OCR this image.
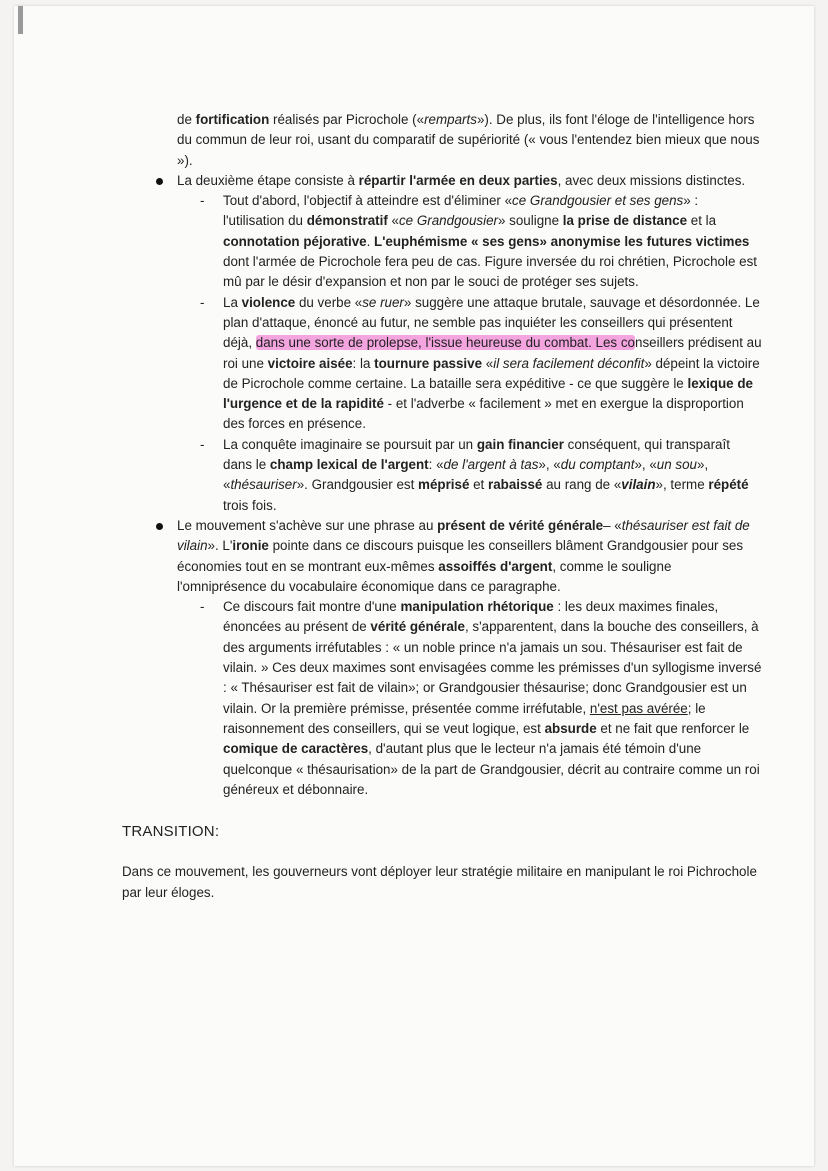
de fortification réalisés par Picrochole («remparts»). De plus, ils font l'éloge de l'intelligence hors du commun de leur roi, usant du comparatif de supériorité (« vous l'entendez bien mieux que nous »).

La deuxième étape consiste à répartir l'armée en deux parties, avec deux missions distinctes.

- Tout d'abord, l'objectif à atteindre est d'éliminer «ce Grandgousier et ses gens» : l'utilisation du démonstratif «ce Grandgousier» souligne la prise de distance et la connotation péjorative. L'euphémisme « ses gens» anonymise les futures victimes dont l'armée de Picrochole fera peu de cas. Figure inversée du roi chrétien, Picrochole est mû par le désir d'expansion et non par le souci de protéger ses sujets.

- La violence du verbe «se ruer» suggère une attaque brutale, sauvage et désordonnée. Le plan d'attaque, énoncé au futur, ne semble pas inquiéter les conseillers qui présentent déjà, dans une sorte de prolepse, l'issue heureuse du combat. Les conseillers prédisent au roi une victoire aisée: la tournure passive «il sera facilement déconfit» dépeint la victoire de Picrochole comme certaine. La bataille sera expéditive - ce que suggère le lexique de l'urgence et de la rapidité - et l'adverbe « facilement » met en exergue la disproportion des forces en présence.

- La conquête imaginaire se poursuit par un gain financier conséquent, qui transparaît dans le champ lexical de l'argent: «de l'argent à tas», «du comptant», «un sou», «thésauriser». Grandgousier est méprisé et rabaissé au rang de «vilain», terme répété trois fois.

Le mouvement s'achève sur une phrase au présent de vérité générale– «thésauriser est fait de vilain». L'ironie pointe dans ce discours puisque les conseillers blâment Grandgousier pour ses économies tout en se montrant eux-mêmes assoiffés d'argent, comme le souligne l'omniprésence du vocabulaire économique dans ce paragraphe.

- Ce discours fait montre d'une manipulation rhétorique : les deux maximes finales, énoncées au présent de vérité générale, s'apparentent, dans la bouche des conseillers, à des arguments irréfutables : « un noble prince n'a jamais un sou. Thésauriser est fait de vilain. » Ces deux maximes sont envisagées comme les prémisses d'un syllogisme inversé : « Thésauriser est fait de vilain»; or Grandgousier thésaurise; donc Grandgousier est un vilain. Or la première prémisse, présentée comme irréfutable, n'est pas avérée; le raisonnement des conseillers, qui se veut logique, est absurde et ne fait que renforcer le comique de caractères, d'autant plus que le lecteur n'a jamais été témoin d'une quelconque « thésaurisation» de la part de Grandgousier, décrit au contraire comme un roi généreux et débonnaire.

TRANSITION:

Dans ce mouvement, les gouverneurs vont déployer leur stratégie militaire en manipulant le roi Pichrochole par leur éloges.
